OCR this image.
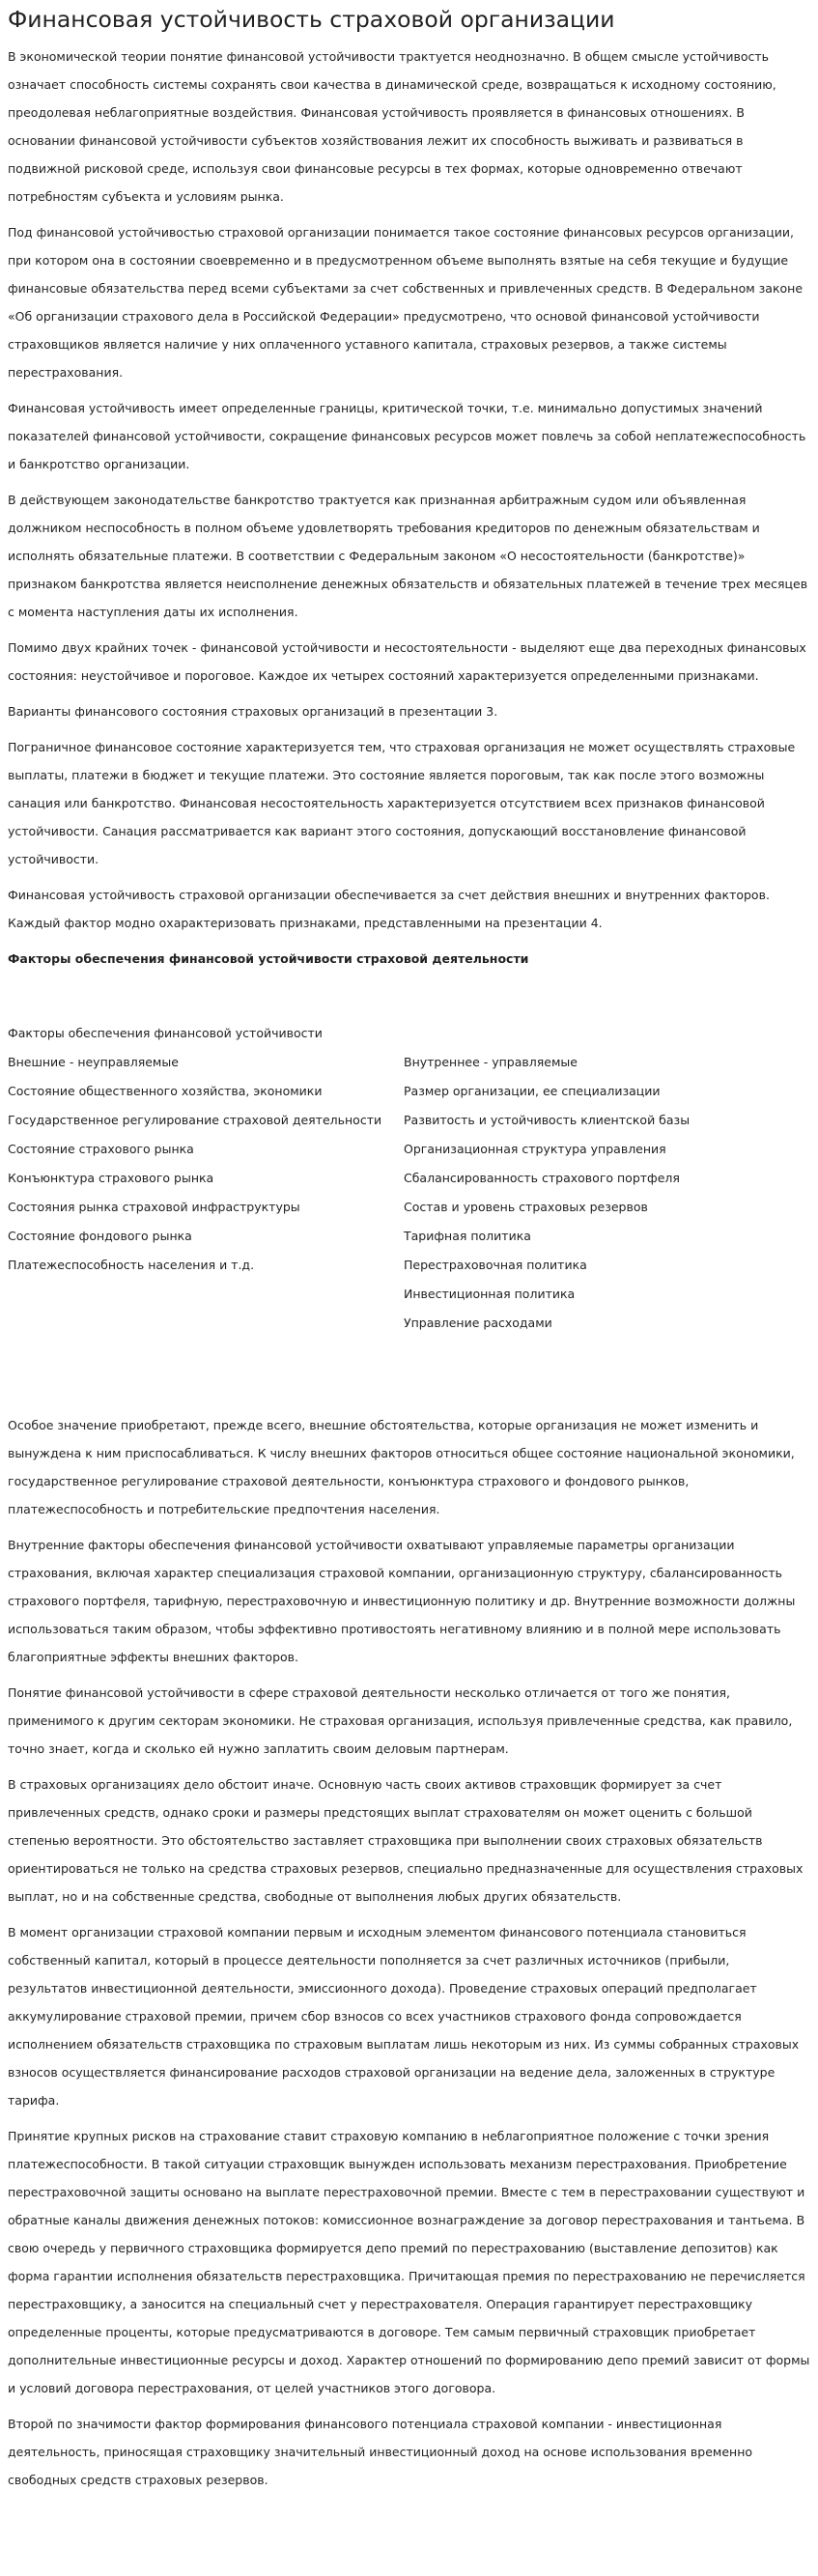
Финансовая устойчивость страховой организации

В экономической теории понятие финансовой устойчивости трактуется неоднозначно. В общем смысле устойчивость означает способность системы сохранять свои качества в динамической среде, возвращаться к исходному состоянию, преодолевая неблагоприятные воздействия. Финансовая устойчивость проявляется в финансовых отношениях. В основании финансовой устойчивости субъектов хозяйствования лежит их способность выживать и развиваться в подвижной рисковой среде, используя свои финансовые ресурсы в тех формах, которые одновременно отвечают потребностям субъекта и условиям рынка.

Под финансовой устойчивостью страховой организации понимается такое состояние финансовых ресурсов организации, при котором она в состоянии своевременно и в предусмотренном объеме выполнять взятые на себя текущие и будущие финансовые обязательства перед всеми субъектами за счет собственных и привлеченных средств. В Федеральном законе «Об организации страхового дела в Российской Федерации» предусмотрено, что основой финансовой устойчивости страховщиков является наличие у них оплаченного уставного капитала, страховых резервов, а также системы перестрахования.

Финансовая устойчивость имеет определенные границы, критической точки, т.е. минимально допустимых значений показателей финансовой устойчивости, сокращение финансовых ресурсов может повлечь за собой неплатежеспособность и банкротство организации.

В действующем законодательстве банкротство трактуется как признанная арбитражным судом или объявленная должником неспособность в полном объеме удовлетворять требования кредиторов по денежным обязательствам и исполнять обязательные платежи. В соответствии с Федеральным законом «О несостоятельности (банкротстве)» признаком банкротства является неисполнение денежных обязательств и обязательных платежей в течение трех месяцев с момента наступления даты их исполнения.

Помимо двух крайних точек - финансовой устойчивости и несостоятельности - выделяют еще два переходных финансовых состояния: неустойчивое и пороговое. Каждое их четырех состояний характеризуется определенными признаками.

Варианты финансового состояния страховых организаций в презентации 3.

Пограничное финансовое состояние характеризуется тем, что страховая организация не может осуществлять страховые выплаты, платежи в бюджет и текущие платежи. Это состояние является пороговым, так как после этого возможны санация или банкротство. Финансовая несостоятельность характеризуется отсутствием всех признаков финансовой устойчивости. Санация рассматривается как вариант этого состояния, допускающий восстановление финансовой устойчивости.

Финансовая устойчивость страховой организации обеспечивается за счет действия внешних и внутренних факторов. Каждый фактор модно охарактеризовать признаками, представленными на презентации 4.

Факторы обеспечения финансовой устойчивости страховой деятельности

Факторы обеспечения финансовой устойчивости
Внешние - неуправляемые
Состояние общественного хозяйства, экономики
Государственное регулирование страховой деятельности
Состояние страхового рынка
Конъюнктура страхового рынка
Состояния рынка страховой инфраструктуры
Состояние фондового рынка
Платежеспособность населения и т.д.
Внутреннее - управляемые
Размер организации, ее специализации
Развитость и устойчивость клиентской базы
Организационная структура управления
Сбалансированность страхового портфеля
Состав и уровень страховых резервов
Тарифная политика
Перестраховочная политика
Инвестиционная политика
Управление расходами

Особое значение приобретают, прежде всего, внешние обстоятельства, которые организация не может изменить и вынуждена к ним приспосабливаться. К числу внешних факторов относиться общее состояние национальной экономики, государственное регулирование страховой деятельности, конъюнктура страхового и фондового рынков, платежеспособность и потребительские предпочтения населения.

Внутренние факторы обеспечения финансовой устойчивости охватывают управляемые параметры организации страхования, включая характер специализация страховой компании, организационную структуру, сбалансированность страхового портфеля, тарифную, перестраховочную и инвестиционную политику и др. Внутренние возможности должны использоваться таким образом, чтобы эффективно противостоять негативному влиянию и в полной мере использовать благоприятные эффекты внешних факторов.

Понятие финансовой устойчивости в сфере страховой деятельности несколько отличается от того же понятия, применимого к другим секторам экономики. Не страховая организация, используя привлеченные средства, как правило, точно знает, когда и сколько ей нужно заплатить своим деловым партнерам.

В страховых организациях дело обстоит иначе. Основную часть своих активов страховщик формирует за счет привлеченных средств, однако сроки и размеры предстоящих выплат страхователям он может оценить с большой степенью вероятности. Это обстоятельство заставляет страховщика при выполнении своих страховых обязательств ориентироваться не только на средства страховых резервов, специально предназначенные для осуществления страховых выплат, но и на собственные средства, свободные от выполнения любых других обязательств.

В момент организации страховой компании первым и исходным элементом финансового потенциала становиться собственный капитал, который в процессе деятельности пополняется за счет различных источников (прибыли, результатов инвестиционной деятельности, эмиссионного дохода). Проведение страховых операций предполагает аккумулирование страховой премии, причем сбор взносов со всех участников страхового фонда сопровождается исполнением обязательств страховщика по страховым выплатам лишь некоторым из них. Из суммы собранных страховых взносов осуществляется финансирование расходов страховой организации на ведение дела, заложенных в структуре тарифа.

Принятие крупных рисков на страхование ставит страховую компанию в неблагоприятное положение с точки зрения платежеспособности. В такой ситуации страховщик вынужден использовать механизм перестрахования. Приобретение перестраховочной защиты основано на выплате перестраховочной премии. Вместе с тем в перестраховании существуют и обратные каналы движения денежных потоков: комиссионное вознаграждение за договор перестрахования и тантьема. В свою очередь у первичного страховщика формируется депо премий по перестрахованию (выставление депозитов) как форма гарантии исполнения обязательств перестраховщика. Причитающая премия по перестрахованию не перечисляется перестраховщику, а заносится на специальный счет у перестрахователя. Операция гарантирует перестраховщику определенные проценты, которые предусматриваются в договоре. Тем самым первичный страховщик приобретает дополнительные инвестиционные ресурсы и доход. Характер отношений по формированию депо премий зависит от формы и условий договора перестрахования, от целей участников этого договора.

Второй по значимости фактор формирования финансового потенциала страховой компании - инвестиционная деятельность, приносящая страховщику значительный инвестиционный доход на основе использования временно свободных средств страховых резервов.
